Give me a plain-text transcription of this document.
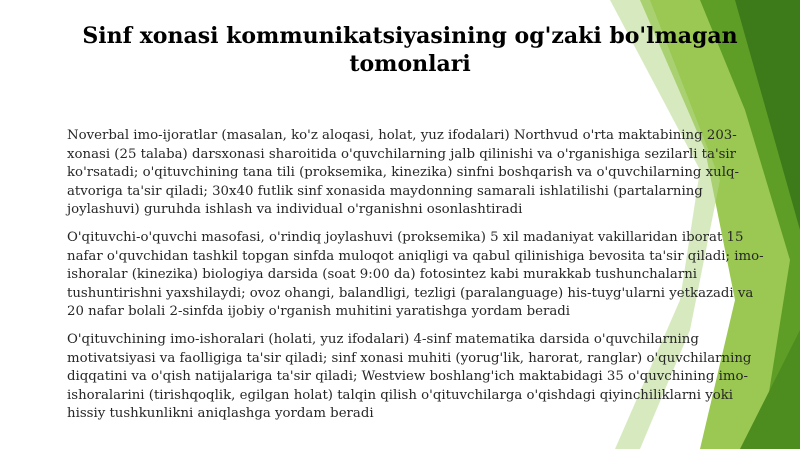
Sinf xonasi kommunikatsiyasining og'zaki bo'lmagan tomonlari

Noverbal imo-ijoratlar (masalan, ko'z aloqasi, holat, yuz ifodalari) Northvud o'rta maktabining 203-xonasi (25 talaba) darsxonasi sharoitida o'quvchilarning jalb qilinishi va o'rganishiga sezilarli ta'sir ko'rsatadi; o'qituvchining tana tili (proksemika, kinezika) sinfni boshqarish va o'quvchilarning xulq-atvoriga ta'sir qiladi; 30x40 futlik sinf xonasida maydonning samarali ishlatilishi (partalarning joylashuvi) guruhda ishlash va individual o'rganishni osonlashtiradi

O'qituvchi-o'quvchi masofasi, o'rindiq joylashuvi (proksemika) 5 xil madaniyat vakillaridan iborat 15 nafar o'quvchidan tashkil topgan sinfda muloqot aniqligi va qabul qilinishiga bevosita ta'sir qiladi; imo-ishoralar (kinezika) biologiya darsida (soat 9:00 da) fotosintez kabi murakkab tushunchalarni tushuntirishni yaxshilaydi; ovoz ohangi, balandligi, tezligi (paralanguage) his-tuyg'ularni yetkazadi va 20 nafar bolali 2-sinfda ijobiy o'rganish muhitini yaratishga yordam beradi

O'qituvchining imo-ishoralari (holati, yuz ifodalari) 4-sinf matematika darsida o'quvchilarning motivatsiyasi va faolligiga ta'sir qiladi; sinf xonasi muhiti (yorug'lik, harorat, ranglar) o'quvchilarning diqqatini va o'qish natijalariga ta'sir qiladi; Westview boshlang'ich maktabidagi 35 o'quvchining imo-ishoralarini (tirishqoqlik, egilgan holat) talqin qilish o'qituvchilarga o'qishdagi qiyinchiliklarni yoki hissiy tushkunlikni aniqlashga yordam beradi
